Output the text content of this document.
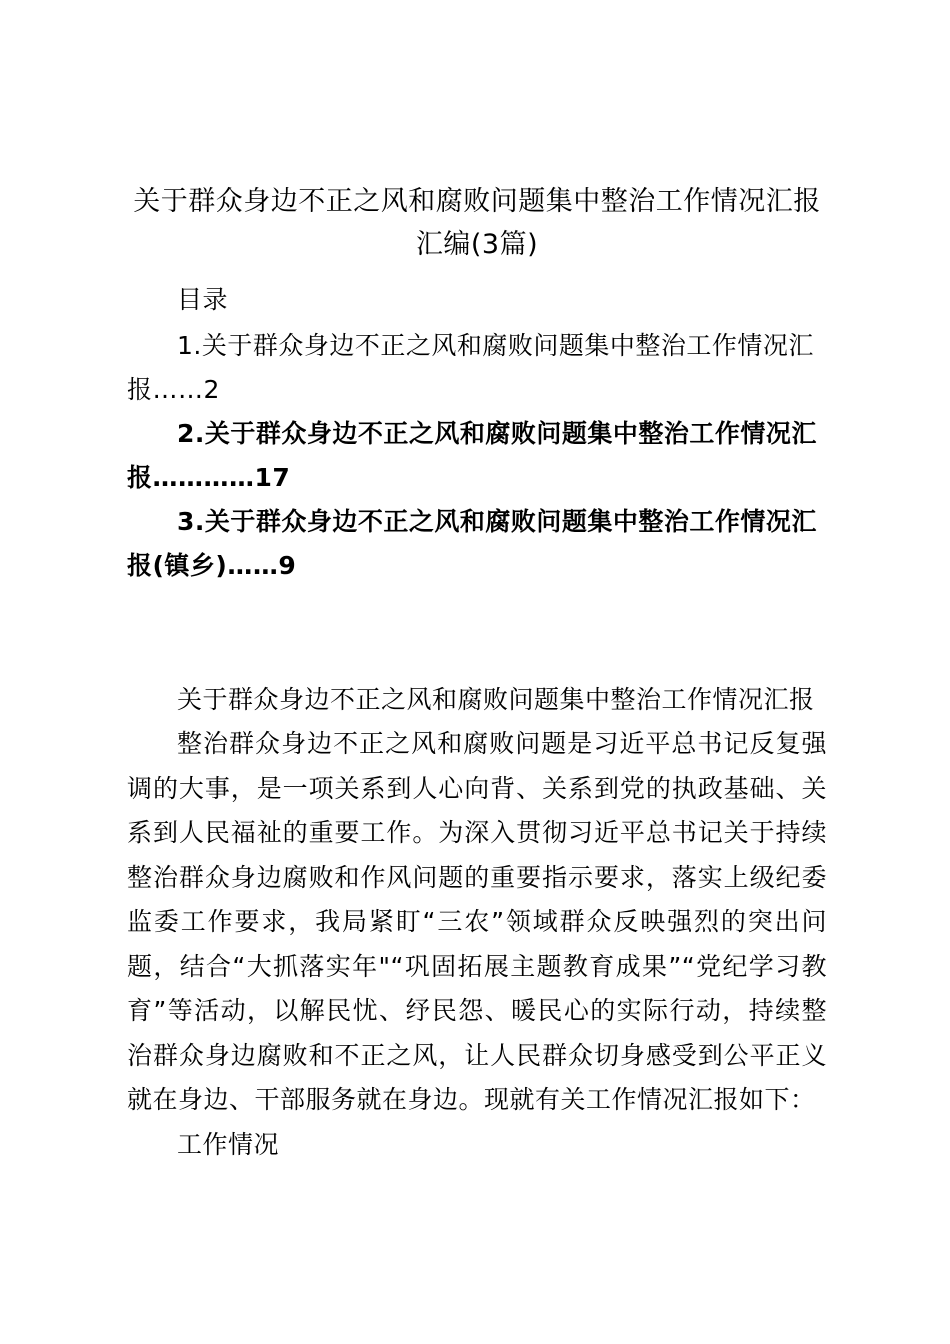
关于群众身边不正之风和腐败问题集中整治工作情况汇报汇编(3篇)

目录

1.关于群众身边不正之风和腐败问题集中整治工作情况汇报……2

2.关于群众身边不正之风和腐败问题集中整治工作情况汇报…………17

3.关于群众身边不正之风和腐败问题集中整治工作情况汇报(镇乡)……9

关于群众身边不正之风和腐败问题集中整治工作情况汇报

整治群众身边不正之风和腐败问题是习近平总书记反复强调的大事，是一项关系到人心向背、关系到党的执政基础、关系到人民福祉的重要工作。为深入贯彻习近平总书记关于持续整治群众身边腐败和作风问题的重要指示要求，落实上级纪委监委工作要求，我局紧盯“三农”领域群众反映强烈的突出问题，结合“大抓落实年"“巩固拓展主题教育成果”“党纪学习教育”等活动，以解民忧、纾民怨、暖民心的实际行动，持续整治群众身边腐败和不正之风，让人民群众切身感受到公平正义就在身边、干部服务就在身边。现就有关工作情况汇报如下：

工作情况
